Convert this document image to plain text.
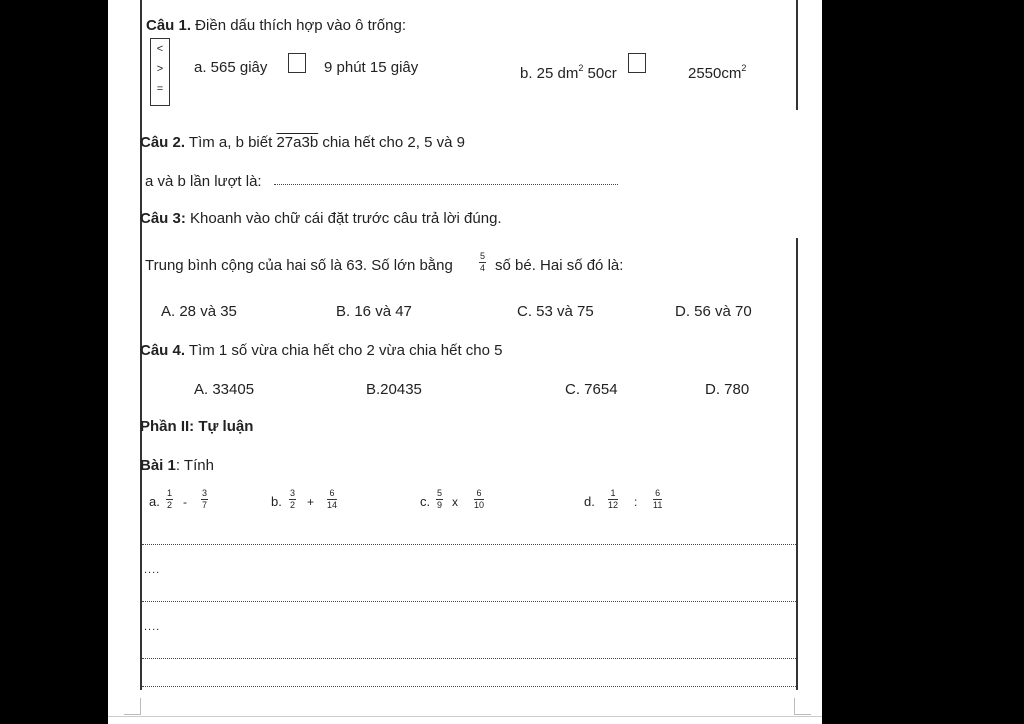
Câu 1. Điền dấu thích hợp vào ô trống:
<
>
=
a. 565 giây	9 phút 15 giây	b. 25 $dm^2$ 50cr	$2550cm^2$
Câu 2. Tìm a, b biết 27a3b chia hết cho 2, 5 và 9
a và b lần lượt là:
Câu 3: Khoanh vào chữ cái đặt trước câu trả lời đúng.
Trung bình cộng của hai số là 63. Số lớn bằng	$\frac{5}{4}$ số bé. Hai số đó là:
A. 28 và 35	B. 16 và 47	C. 53 và 75	D. 56 và 70
Câu 4. Tìm 1 số vừa chia hết cho 2 vừa chia hết cho 5
A. 33405	B.20435	C. 7654	D. 780
Phần II: Tự luận
Bài 1: Tính
a. $\frac{1}{2} - \frac{3}{7}$	b. $\frac{3}{2} + \frac{6}{14}$	c. $\frac{5}{9}$ x $\frac{6}{10}$	d. $\frac{1}{12}$ : $\frac{6}{11}$
....
....
